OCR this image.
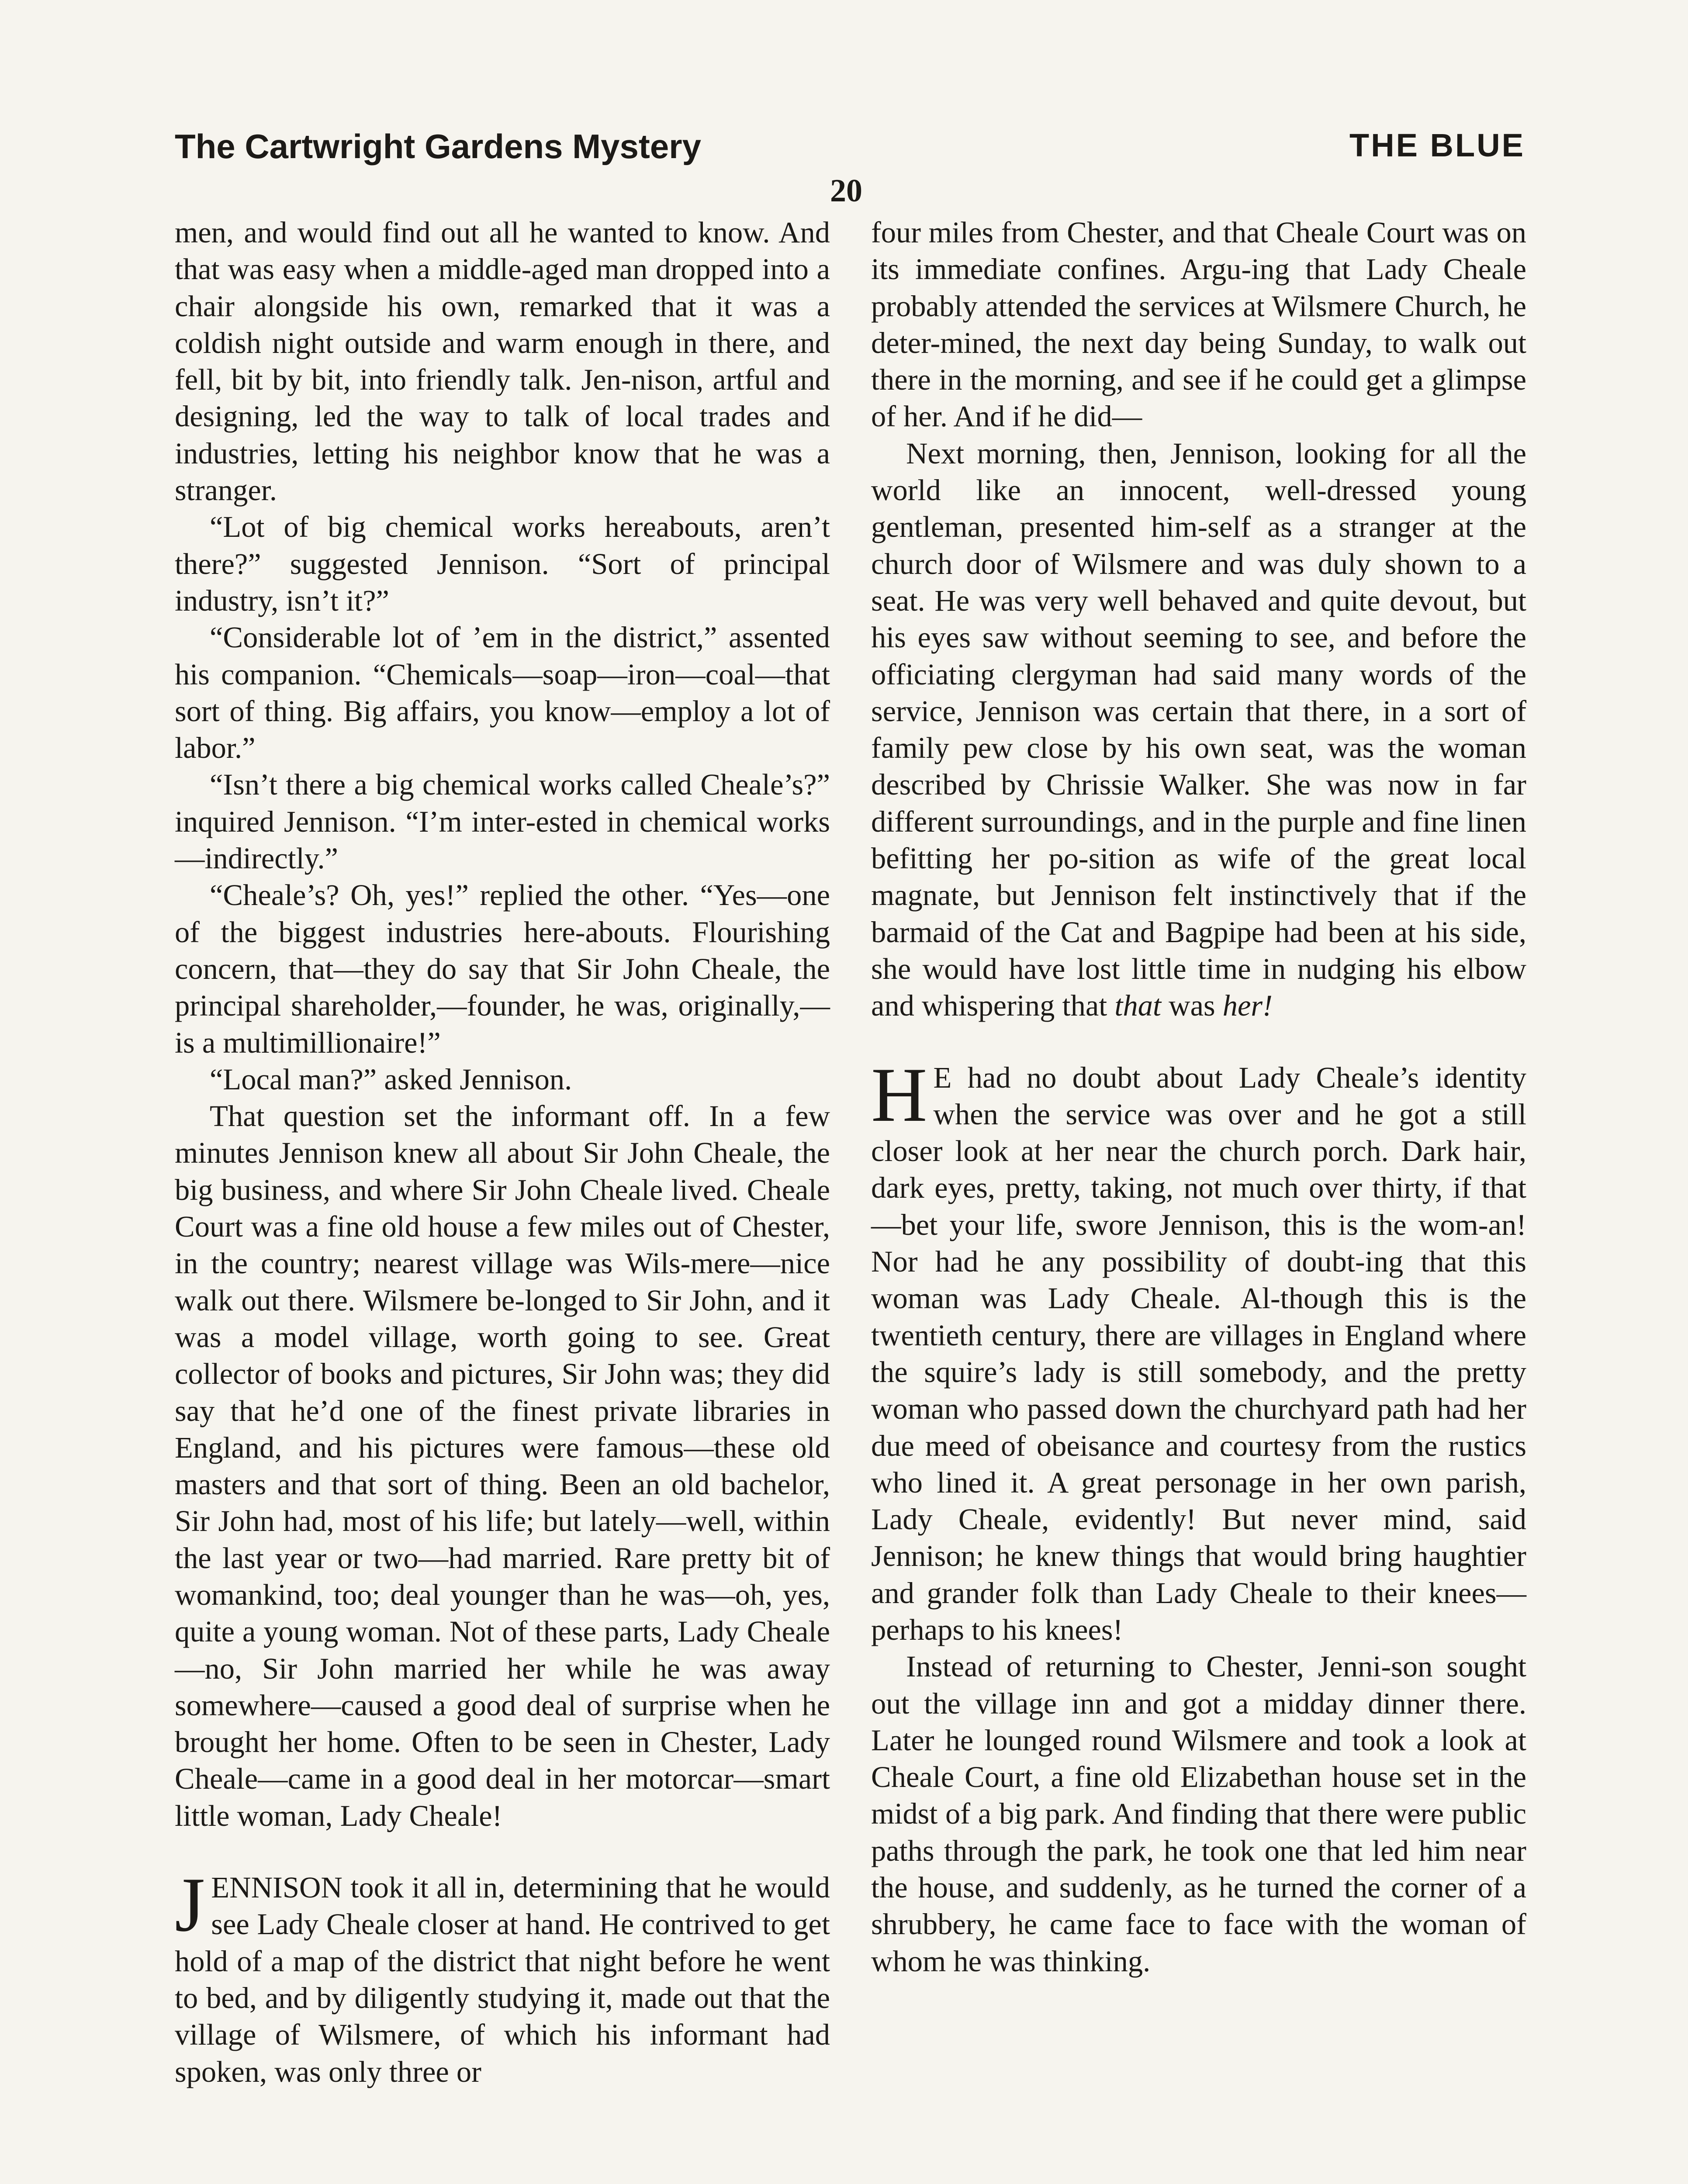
The Cartwright Gardens Mystery	THE BLUE
20

men, and would find out all he wanted to know. And that was easy when a middle-aged man dropped into a chair alongside his own, remarked that it was a coldish night outside and warm enough in there, and fell, bit by bit, into friendly talk. Jen-nison, artful and designing, led the way to talk of local trades and industries, letting his neighbor know that he was a stranger.

“Lot of big chemical works hereabouts, aren’t there?” suggested Jennison. “Sort of principal industry, isn’t it?”

“Considerable lot of ’em in the district,” assented his companion. “Chemicals—soap—iron—coal—that sort of thing. Big affairs, you know—employ a lot of labor.”

“Isn’t there a big chemical works called Cheale’s?” inquired Jennison. “I’m inter-ested in chemical works—indirectly.”

“Cheale’s? Oh, yes!” replied the other. “Yes—one of the biggest industries here-abouts. Flourishing concern, that—they do say that Sir John Cheale, the principal shareholder,—founder, he was, originally,—is a multimillionaire!”

“Local man?” asked Jennison.

That question set the informant off. In a few minutes Jennison knew all about Sir John Cheale, the big business, and where Sir John Cheale lived. Cheale Court was a fine old house a few miles out of Chester, in the country; nearest village was Wils-mere—nice walk out there. Wilsmere be-longed to Sir John, and it was a model village, worth going to see. Great collector of books and pictures, Sir John was; they did say that he’d one of the finest private libraries in England, and his pictures were famous—these old masters and that sort of thing. Been an old bachelor, Sir John had, most of his life; but lately—well, within the last year or two—had married. Rare pretty bit of womankind, too; deal younger than he was—oh, yes, quite a young woman. Not of these parts, Lady Cheale—no, Sir John married her while he was away somewhere—caused a good deal of surprise when he brought her home. Often to be seen in Chester, Lady Cheale—came in a good deal in her motorcar—smart little woman, Lady Cheale!

JENNISON took it all in, determining that he would see Lady Cheale closer at hand. He contrived to get hold of a map of the district that night before he went to bed, and by diligently studying it, made out that the village of Wilsmere, of which his informant had spoken, was only three or

four miles from Chester, and that Cheale Court was on its immediate confines. Argu-ing that Lady Cheale probably attended the services at Wilsmere Church, he deter-mined, the next day being Sunday, to walk out there in the morning, and see if he could get a glimpse of her. And if he did—

Next morning, then, Jennison, looking for all the world like an innocent, well-dressed young gentleman, presented him-self as a stranger at the church door of Wilsmere and was duly shown to a seat. He was very well behaved and quite devout, but his eyes saw without seeming to see, and before the officiating clergyman had said many words of the service, Jennison was certain that there, in a sort of family pew close by his own seat, was the woman described by Chrissie Walker. She was now in far different surroundings, and in the purple and fine linen befitting her po-sition as wife of the great local magnate, but Jennison felt instinctively that if the barmaid of the Cat and Bagpipe had been at his side, she would have lost little time in nudging his elbow and whispering that that was her!

H E had no doubt about Lady Cheale’s identity when the service was over and he got a still closer look at her near the church porch. Dark hair, dark eyes, pretty, taking, not much over thirty, if that—bet your life, swore Jennison, this is the wom-an! Nor had he any possibility of doubt-ing that this woman was Lady Cheale. Al-though this is the twentieth century, there are villages in England where the squire’s lady is still somebody, and the pretty woman who passed down the churchyard path had her due meed of obeisance and courtesy from the rustics who lined it. A great personage in her own parish, Lady Cheale, evidently! But never mind, said Jennison; he knew things that would bring haughtier and grander folk than Lady Cheale to their knees—perhaps to his knees!

Instead of returning to Chester, Jenni-son sought out the village inn and got a midday dinner there. Later he lounged round Wilsmere and took a look at Cheale Court, a fine old Elizabethan house set in the midst of a big park. And finding that there were public paths through the park, he took one that led him near the house, and suddenly, as he turned the corner of a shrubbery, he came face to face with the woman of whom he was thinking.
